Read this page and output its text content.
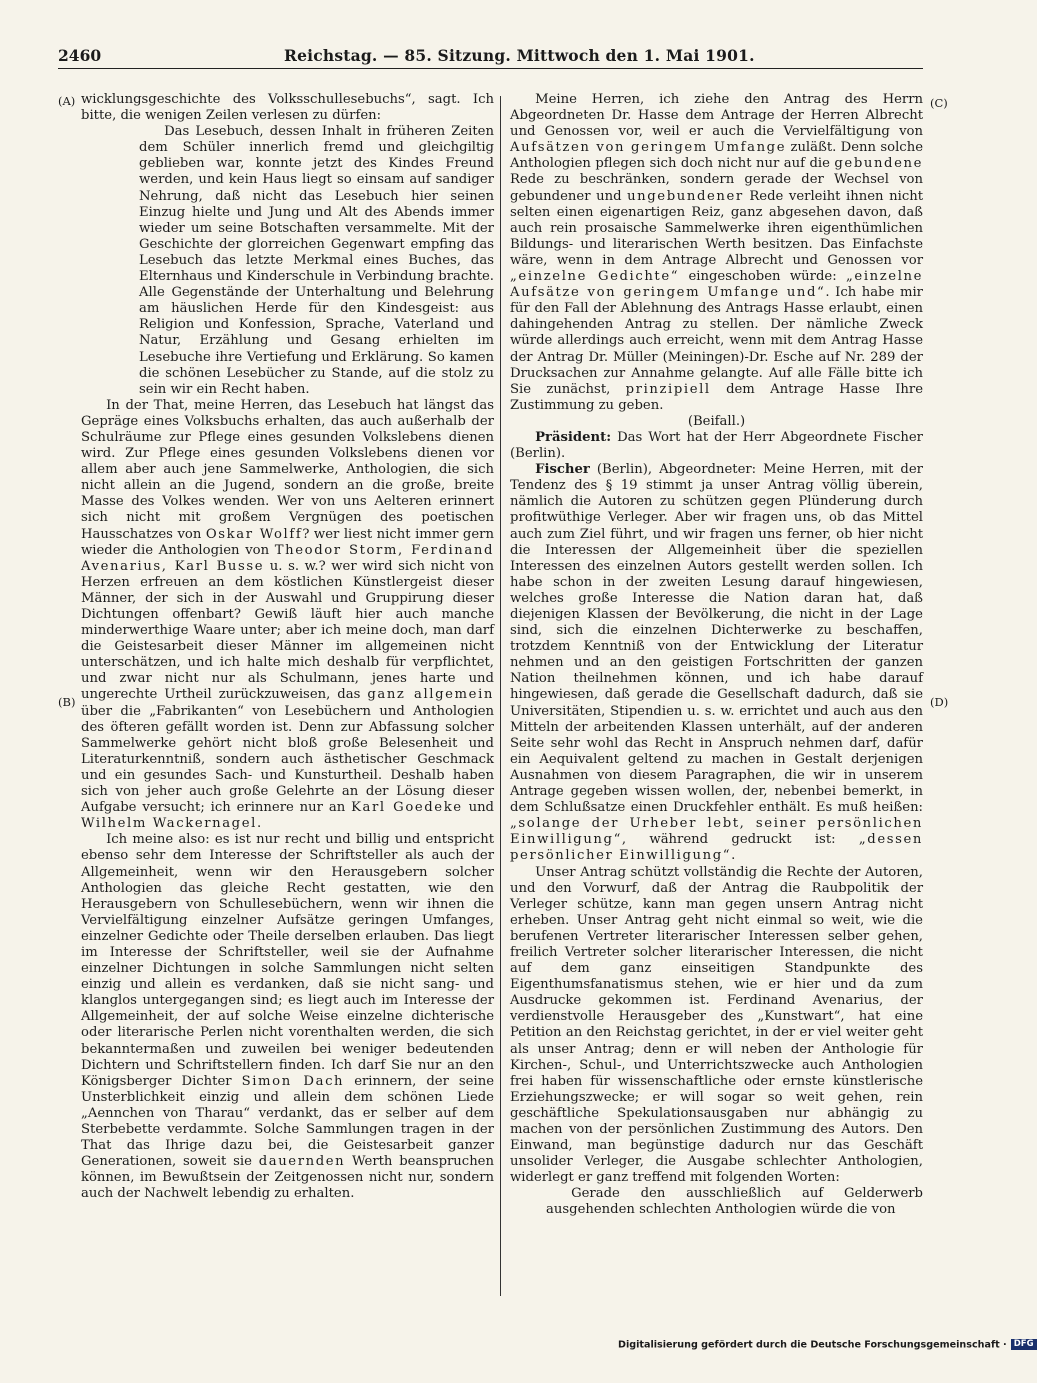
2460	Reichstag. — 85. Sitzung. Mittwoch den 1. Mai 1901.
(A)
(B)
(C)
(D)

wicklungsgeschichte des Volksschullesebuchs“, sagt. Ich bitte, die wenigen Zeilen verlesen zu dürfen:

Das Lesebuch, dessen Inhalt in früheren Zeiten dem Schüler innerlich fremd und gleichgiltig geblieben war, konnte jetzt des Kindes Freund werden, und kein Haus liegt so einsam auf sandiger Nehrung, daß nicht das Lesebuch hier seinen Einzug hielte und Jung und Alt des Abends immer wieder um seine Botschaften versammelte. Mit der Geschichte der glorreichen Gegenwart empfing das Lesebuch das letzte Merkmal eines Buches, das Elternhaus und Kinderschule in Verbindung brachte. Alle Gegenstände der Unterhaltung und Belehrung am häuslichen Herde für den Kindesgeist: aus Religion und Konfession, Sprache, Vaterland und Natur, Erzählung und Gesang erhielten im Lesebuche ihre Vertiefung und Erklärung. So kamen die schönen Lesebücher zu Stande, auf die stolz zu sein wir ein Recht haben.

In der That, meine Herren, das Lesebuch hat längst das Gepräge eines Volksbuchs erhalten, das auch außerhalb der Schulräume zur Pflege eines gesunden Volkslebens dienen wird. Zur Pflege eines gesunden Volkslebens dienen vor allem aber auch jene Sammelwerke, Anthologien, die sich nicht allein an die Jugend, sondern an die große, breite Masse des Volkes wenden. Wer von uns Aelteren erinnert sich nicht mit großem Vergnügen des poetischen Hausschatzes von Oskar Wolff? wer liest nicht immer gern wieder die Anthologien von Theodor Storm, Ferdinand Avenarius, Karl Busse u. s. w.? wer wird sich nicht von Herzen erfreuen an dem köstlichen Künstlergeist dieser Männer, der sich in der Auswahl und Gruppirung dieser Dichtungen offenbart? Gewiß läuft hier auch manche minderwerthige Waare unter; aber ich meine doch, man darf die Geistesarbeit dieser Männer im allgemeinen nicht unterschätzen, und ich halte mich deshalb für verpflichtet, und zwar nicht nur als Schulmann, jenes harte und ungerechte Urtheil zurückzuweisen, das ganz allgemein über die „Fabrikanten“ von Lesebüchern und Anthologien des öfteren gefällt worden ist. Denn zur Abfassung solcher Sammelwerke gehört nicht bloß große Belesenheit und Literaturkenntniß, sondern auch ästhetischer Geschmack und ein gesundes Sach- und Kunsturtheil. Deshalb haben sich von jeher auch große Gelehrte an der Lösung dieser Aufgabe versucht; ich erinnere nur an Karl Goedeke und Wilhelm Wackernagel.

Ich meine also: es ist nur recht und billig und entspricht ebenso sehr dem Interesse der Schriftsteller als auch der Allgemeinheit, wenn wir den Herausgebern solcher Anthologien das gleiche Recht gestatten, wie den Herausgebern von Schullesebüchern, wenn wir ihnen die Vervielfältigung einzelner Aufsätze geringen Umfanges, einzelner Gedichte oder Theile derselben erlauben. Das liegt im Interesse der Schriftsteller, weil sie der Aufnahme einzelner Dichtungen in solche Sammlungen nicht selten einzig und allein es verdanken, daß sie nicht sang- und klanglos untergegangen sind; es liegt auch im Interesse der Allgemeinheit, der auf solche Weise einzelne dichterische oder literarische Perlen nicht vorenthalten werden, die sich bekanntermaßen und zuweilen bei weniger bedeutenden Dichtern und Schriftstellern finden. Ich darf Sie nur an den Königsberger Dichter Simon Dach erinnern, der seine Unsterblichkeit einzig und allein dem schönen Liede „Aennchen von Tharau“ verdankt, das er selber auf dem Sterbebette verdammte. Solche Sammlungen tragen in der That das Ihrige dazu bei, die Geistesarbeit ganzer Generationen, soweit sie dauernden Werth beanspruchen können, im Bewußtsein der Zeitgenossen nicht nur, sondern auch der Nachwelt lebendig zu erhalten.

Meine Herren, ich ziehe den Antrag des Herrn Abgeordneten Dr. Hasse dem Antrage der Herren Albrecht und Genossen vor, weil er auch die Vervielfältigung von Aufsätzen von geringem Umfange zuläßt. Denn solche Anthologien pflegen sich doch nicht nur auf die gebundene Rede zu beschränken, sondern gerade der Wechsel von gebundener und ungebundener Rede verleiht ihnen nicht selten einen eigenartigen Reiz, ganz abgesehen davon, daß auch rein prosaische Sammelwerke ihren eigenthümlichen Bildungs- und literarischen Werth besitzen. Das Einfachste wäre, wenn in dem Antrage Albrecht und Genossen vor „einzelne Gedichte“ eingeschoben würde: „einzelne Aufsätze von geringem Umfange und“. Ich habe mir für den Fall der Ablehnung des Antrags Hasse erlaubt, einen dahingehenden Antrag zu stellen. Der nämliche Zweck würde allerdings auch erreicht, wenn mit dem Antrag Hasse der Antrag Dr. Müller (Meiningen)-Dr. Esche auf Nr. 289 der Drucksachen zur Annahme gelangte. Auf alle Fälle bitte ich Sie zunächst, prinzipiell dem Antrage Hasse Ihre Zustimmung zu geben.

(Beifall.)

Präsident: Das Wort hat der Herr Abgeordnete Fischer (Berlin).

Fischer (Berlin), Abgeordneter: Meine Herren, mit der Tendenz des § 19 stimmt ja unser Antrag völlig überein, nämlich die Autoren zu schützen gegen Plünderung durch profitwüthige Verleger. Aber wir fragen uns, ob das Mittel auch zum Ziel führt, und wir fragen uns ferner, ob hier nicht die Interessen der Allgemeinheit über die speziellen Interessen des einzelnen Autors gestellt werden sollen. Ich habe schon in der zweiten Lesung darauf hingewiesen, welches große Interesse die Nation daran hat, daß diejenigen Klassen der Bevölkerung, die nicht in der Lage sind, sich die einzelnen Dichterwerke zu beschaffen, trotzdem Kenntniß von der Entwicklung der Literatur nehmen und an den geistigen Fortschritten der ganzen Nation theilnehmen können, und ich habe darauf hingewiesen, daß gerade die Gesellschaft dadurch, daß sie Universitäten, Stipendien u. s. w. errichtet und auch aus den Mitteln der arbeitenden Klassen unterhält, auf der anderen Seite sehr wohl das Recht in Anspruch nehmen darf, dafür ein Aequivalent geltend zu machen in Gestalt derjenigen Ausnahmen von diesem Paragraphen, die wir in unserem Antrage gegeben wissen wollen, der, nebenbei bemerkt, in dem Schlußsatze einen Druckfehler enthält. Es muß heißen: „solange der Urheber lebt, seiner persönlichen Einwilligung“, während gedruckt ist: „dessen persönlicher Einwilligung“.

Unser Antrag schützt vollständig die Rechte der Autoren, und den Vorwurf, daß der Antrag die Raubpolitik der Verleger schütze, kann man gegen unsern Antrag nicht erheben. Unser Antrag geht nicht einmal so weit, wie die berufenen Vertreter literarischer Interessen selber gehen, freilich Vertreter solcher literarischer Interessen, die nicht auf dem ganz einseitigen Standpunkte des Eigenthumsfanatismus stehen, wie er hier und da zum Ausdrucke gekommen ist. Ferdinand Avenarius, der verdienstvolle Herausgeber des „Kunstwart“, hat eine Petition an den Reichstag gerichtet, in der er viel weiter geht als unser Antrag; denn er will neben der Anthologie für Kirchen-, Schul-, und Unterrichtszwecke auch Anthologien frei haben für wissenschaftliche oder ernste künstlerische Erziehungszwecke; er will sogar so weit gehen, rein geschäftliche Spekulationsausgaben nur abhängig zu machen von der persönlichen Zustimmung des Autors. Den Einwand, man begünstige dadurch nur das Geschäft unsolider Verleger, die Ausgabe schlechter Anthologien, widerlegt er ganz treffend mit folgenden Worten:

Gerade den ausschließlich auf Gelderwerb ausgehenden schlechten Anthologien würde die von

Digitalisierung gefördert durch die Deutsche Forschungsgemeinschaft · DFG
